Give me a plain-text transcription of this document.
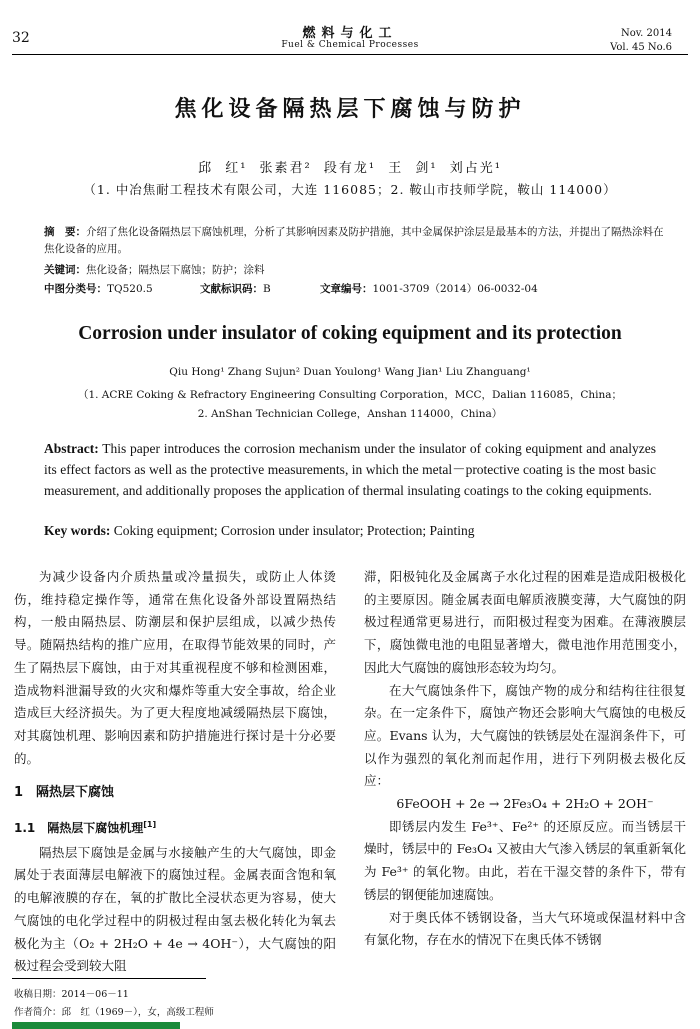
32	燃料与化工
Fuel & Chemical Processes
Nov. 2014
Vol. 45 No.6
焦化设备隔热层下腐蚀与防护
邱 红¹ 张素君² 段有龙¹ 王 剑¹ 刘占光¹
（1. 中冶焦耐工程技术有限公司，大连 116085；2. 鞍山市技师学院，鞍山 114000）
摘　要：介绍了焦化设备隔热层下腐蚀机理，分析了其影响因素及防护措施，其中金属保护涂层是最基本的方法，并提出了隔热涂料在焦化设备的应用。
关键词：焦化设备；隔热层下腐蚀；防护；涂料
中图分类号：TQ520.5	文献标识码：B	文章编号：1001-3709（2014）06-0032-04
Corrosion under insulator of coking equipment and its protection
Qiu Hong¹ Zhang Sujun² Duan Youlong¹ Wang Jian¹ Liu Zhanguang¹
（1. ACRE Coking & Refractory Engineering Consulting Corporation，MCC，Dalian 116085，China；
2. AnShan Technician College，Anshan 114000，China）
Abstract: This paper introduces the corrosion mechanism under the insulator of coking equipment and analyzes its effect factors as well as the protective measurements, in which the metal－protective coating is the most basic measurement, and additionally proposes the application of thermal insulating coatings to the coking equipments.
Key words: Coking equipment; Corrosion under insulator; Protection; Painting

为减少设备内介质热量或冷量损失，或防止人体烫伤，维持稳定操作等，通常在焦化设备外部设置隔热结构，一般由隔热层、防潮层和保护层组成，以减少热传导。随隔热结构的推广应用，在取得节能效果的同时，产生了隔热层下腐蚀，由于对其重视程度不够和检测困难，造成物料泄漏导致的火灾和爆炸等重大安全事故，给企业造成巨大经济损失。为了更大程度地减缓隔热层下腐蚀，对其腐蚀机理、影响因素和防护措施进行探讨是十分必要的。

1　隔热层下腐蚀
1.1　隔热层下腐蚀机理[1]

隔热层下腐蚀是金属与水接触产生的大气腐蚀，即金属处于表面薄层电解液下的腐蚀过程。金属表面含饱和氧的电解液膜的存在，氧的扩散比全浸状态更为容易，使大气腐蚀的电化学过程中的阴极过程由氢去极化转化为氧去极化为主（O₂ + 2H₂O + 4e → 4OH⁻），大气腐蚀的阳极过程会受到较大阻

滞，阳极钝化及金属离子水化过程的困难是造成阳极极化的主要原因。随金属表面电解质液膜变薄，大气腐蚀的阴极过程通常更易进行，而阳极过程变为困难。在薄液膜层下，腐蚀微电池的电阻显著增大，微电池作用范围变小，因此大气腐蚀的腐蚀形态较为均匀。

在大气腐蚀条件下，腐蚀产物的成分和结构往往很复杂。在一定条件下，腐蚀产物还会影响大气腐蚀的电极反应。Evans 认为，大气腐蚀的铁锈层处在湿润条件下，可以作为强烈的氧化剂而起作用，进行下列阴极去极化反应：

6FeOOH + 2e → 2Fe₃O₄ + 2H₂O + 2OH⁻

即锈层内发生 Fe³⁺、Fe²⁺ 的还原反应。而当锈层干燥时，锈层中的 Fe₃O₄ 又被由大气渗入锈层的氧重新氧化为 Fe³⁺ 的氧化物。由此，若在干湿交替的条件下，带有锈层的钢便能加速腐蚀。

对于奥氏体不锈钢设备，当大气环境或保温材料中含有氯化物，存在水的情况下在奥氏体不锈钢

收稿日期：2014－06－11
作者简介：邱　红（1969－），女，高级工程师
